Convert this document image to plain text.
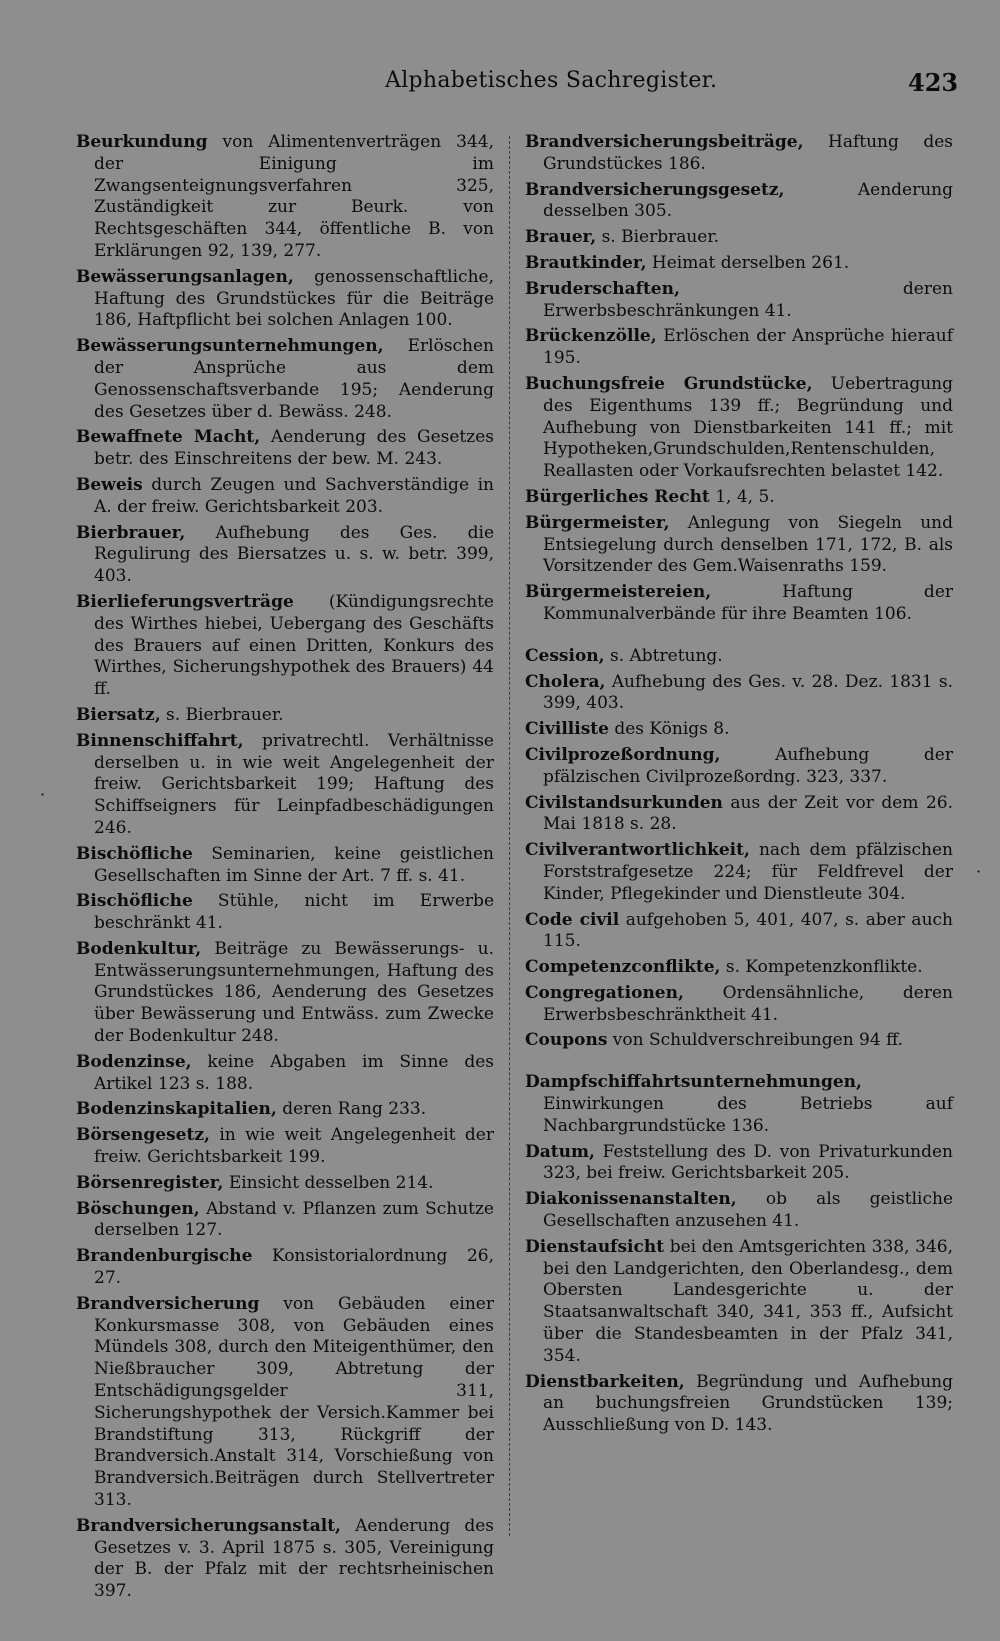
Alphabetisches Sachregister.	423
·
·

Beurkundung von Alimentenverträgen 344, der Einigung im Zwangsenteignungsverfahren 325, Zuständigkeit zur Beurk. von Rechtsgeschäften 344, öffentliche B. von Erklärungen 92, 139, 277.

Bewässerungsanlagen, genossenschaftliche, Haftung des Grundstückes für die Beiträge 186, Haftpflicht bei solchen Anlagen 100.

Bewässerungsunternehmungen, Erlöschen der Ansprüche aus dem Genossenschaftsverbande 195; Aenderung des Gesetzes über d. Bewäss. 248.

Bewaffnete Macht, Aenderung des Gesetzes betr. des Einschreitens der bew. M. 243.

Beweis durch Zeugen und Sachverständige in A. der freiw. Gerichtsbarkeit 203.

Bierbrauer, Aufhebung des Ges. die Regulirung des Biersatzes u. s. w. betr. 399, 403.

Bierlieferungsverträge (Kündigungsrechte des Wirthes hiebei, Uebergang des Geschäfts des Brauers auf einen Dritten, Konkurs des Wirthes, Sicherungshypothek des Brauers) 44 ff.

Biersatz, s. Bierbrauer.

Binnenschiffahrt, privatrechtl. Verhältnisse derselben u. in wie weit Angelegenheit der freiw. Gerichtsbarkeit 199; Haftung des Schiffseigners für Leinpfadbeschädigungen 246.

Bischöfliche Seminarien, keine geistlichen Gesellschaften im Sinne der Art. 7 ff. s. 41.

Bischöfliche Stühle, nicht im Erwerbe beschränkt 41.

Bodenkultur, Beiträge zu Bewässerungs- u. Entwässerungsunternehmungen, Haftung des Grundstückes 186, Aenderung des Gesetzes über Bewässerung und Entwäss. zum Zwecke der Bodenkultur 248.

Bodenzinse, keine Abgaben im Sinne des Artikel 123 s. 188.

Bodenzinskapitalien, deren Rang 233.

Börsengesetz, in wie weit Angelegenheit der freiw. Gerichtsbarkeit 199.

Börsenregister, Einsicht desselben 214.

Böschungen, Abstand v. Pflanzen zum Schutze derselben 127.

Brandenburgische Konsistorialordnung 26, 27.

Brandversicherung von Gebäuden einer Konkursmasse 308, von Gebäuden eines Mündels 308, durch den Miteigenthümer, den Nießbraucher 309, Abtretung der Entschädigungsgelder 311, Sicherungshypothek der Versich.Kammer bei Brandstiftung 313, Rückgriff der Brandversich.Anstalt 314, Vorschießung von Brandversich.Beiträgen durch Stellvertreter 313.

Brandversicherungsanstalt, Aenderung des Gesetzes v. 3. April 1875 s. 305, Vereinigung der B. der Pfalz mit der rechtsrheinischen 397.

Brandversicherungsbeiträge, Haftung des Grundstückes 186.

Brandversicherungsgesetz,	Aenderung desselben 305.

Brauer, s. Bierbrauer.

Brautkinder, Heimat derselben 261.

Bruderschaften,	deren Erwerbsbeschränkungen 41.

Brückenzölle, Erlöschen der Ansprüche hierauf 195.

Buchungsfreie Grundstücke, Uebertragung des Eigenthums 139 ff.; Begründung und Aufhebung von Dienstbarkeiten 141 ff.; mit Hypotheken,Grundschulden,Rentenschulden, Reallasten oder Vorkaufsrechten belastet 142.

Bürgerliches Recht 1, 4, 5.

Bürgermeister, Anlegung von Siegeln und Entsiegelung durch denselben 171, 172, B. als Vorsitzender des Gem.Waisenraths 159.

Bürgermeistereien,	Haftung der Kommunalverbände für ihre Beamten 106.

Cession, s. Abtretung.

Cholera, Aufhebung des Ges. v. 28. Dez. 1831 s. 399, 403.

Civilliste des Königs 8.

Civilprozeßordnung,	Aufhebung der pfälzischen Civilprozeßordng. 323, 337.

Civilstandsurkunden aus der Zeit vor dem 26. Mai 1818 s. 28.

Civilverantwortlichkeit, nach dem pfälzischen Forststrafgesetze 224; für Feldfrevel der Kinder, Pflegekinder und Dienstleute 304.

Code civil aufgehoben 5, 401, 407, s. aber auch 115.

Competenzconflikte, s. Kompetenzkonflikte.

Congregationen, Ordensähnliche, deren Erwerbsbeschränktheit 41.

Coupons von Schuldverschreibungen 94 ff.

Dampfschiffahrtsunternehmungen, Einwirkungen des Betriebs auf Nachbargrundstücke 136.

Datum, Feststellung des D. von Privaturkunden 323, bei freiw. Gerichtsbarkeit 205.

Diakonissenanstalten, ob als geistliche Gesellschaften anzusehen 41.

Dienstaufsicht bei den Amtsgerichten 338, 346, bei den Landgerichten, den Oberlandesg., dem Obersten Landesgerichte u. der Staatsanwaltschaft 340, 341, 353 ff., Aufsicht über die Standesbeamten in der Pfalz 341, 354.

Dienstbarkeiten, Begründung und Aufhebung an buchungsfreien Grundstücken 139; Ausschließung von D. 143.
